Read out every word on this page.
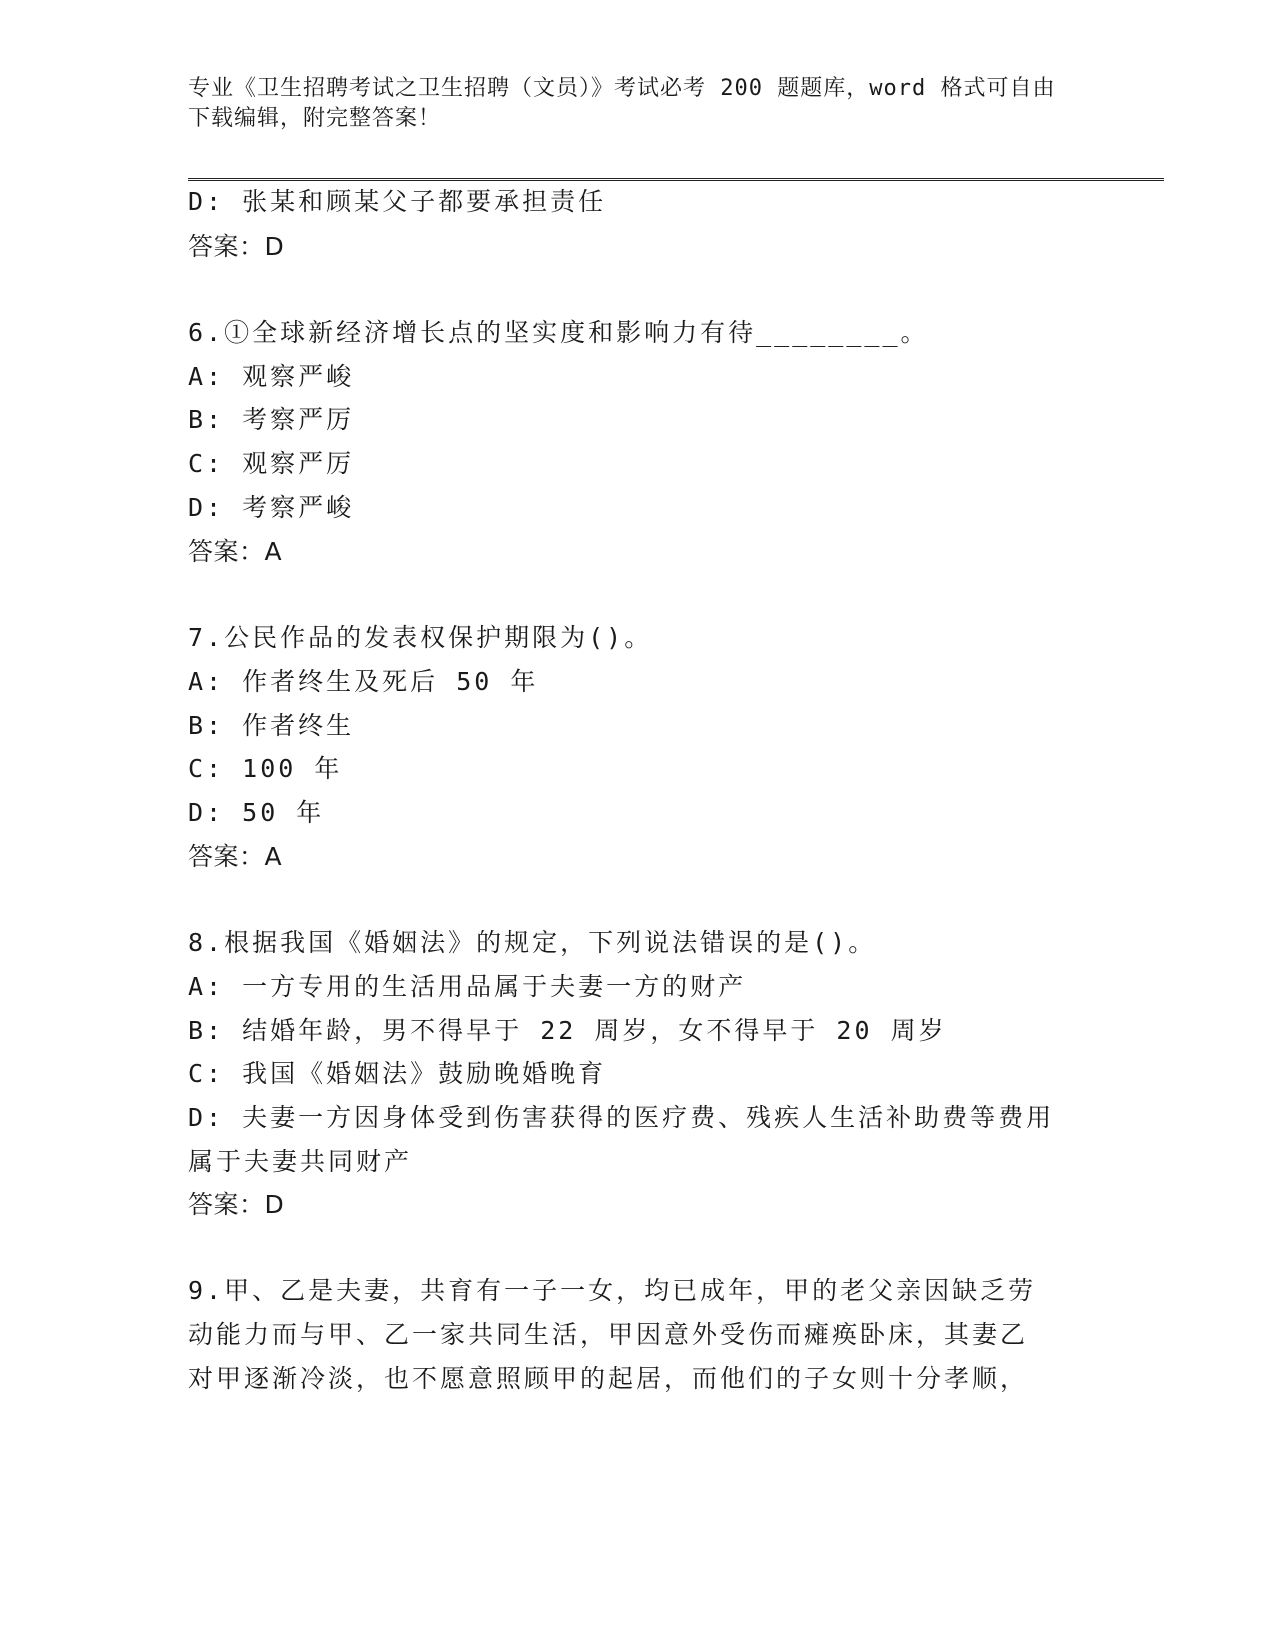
专业《卫生招聘考试之卫生招聘（文员）》考试必考 200 题题库，word 格式可自由下载编辑，附完整答案！
D: 张某和顾某父子都要承担责任
答案：D
6.①全球新经济增长点的坚实度和影响力有待________。
A: 观察严峻
B: 考察严厉
C: 观察严厉
D: 考察严峻
答案：A
7.公民作品的发表权保护期限为()。
A: 作者终生及死后 50 年
B: 作者终生
C: 100 年
D: 50 年
答案：A
8.根据我国《婚姻法》的规定，下列说法错误的是()。
A: 一方专用的生活用品属于夫妻一方的财产
B: 结婚年龄，男不得早于 22 周岁，女不得早于 20 周岁
C: 我国《婚姻法》鼓励晚婚晚育
D: 夫妻一方因身体受到伤害获得的医疗费、残疾人生活补助费等费用
属于夫妻共同财产
答案：D
9.甲、乙是夫妻，共育有一子一女，均已成年，甲的老父亲因缺乏劳
动能力而与甲、乙一家共同生活，甲因意外受伤而瘫痪卧床，其妻乙
对甲逐渐冷淡，也不愿意照顾甲的起居，而他们的子女则十分孝顺，
